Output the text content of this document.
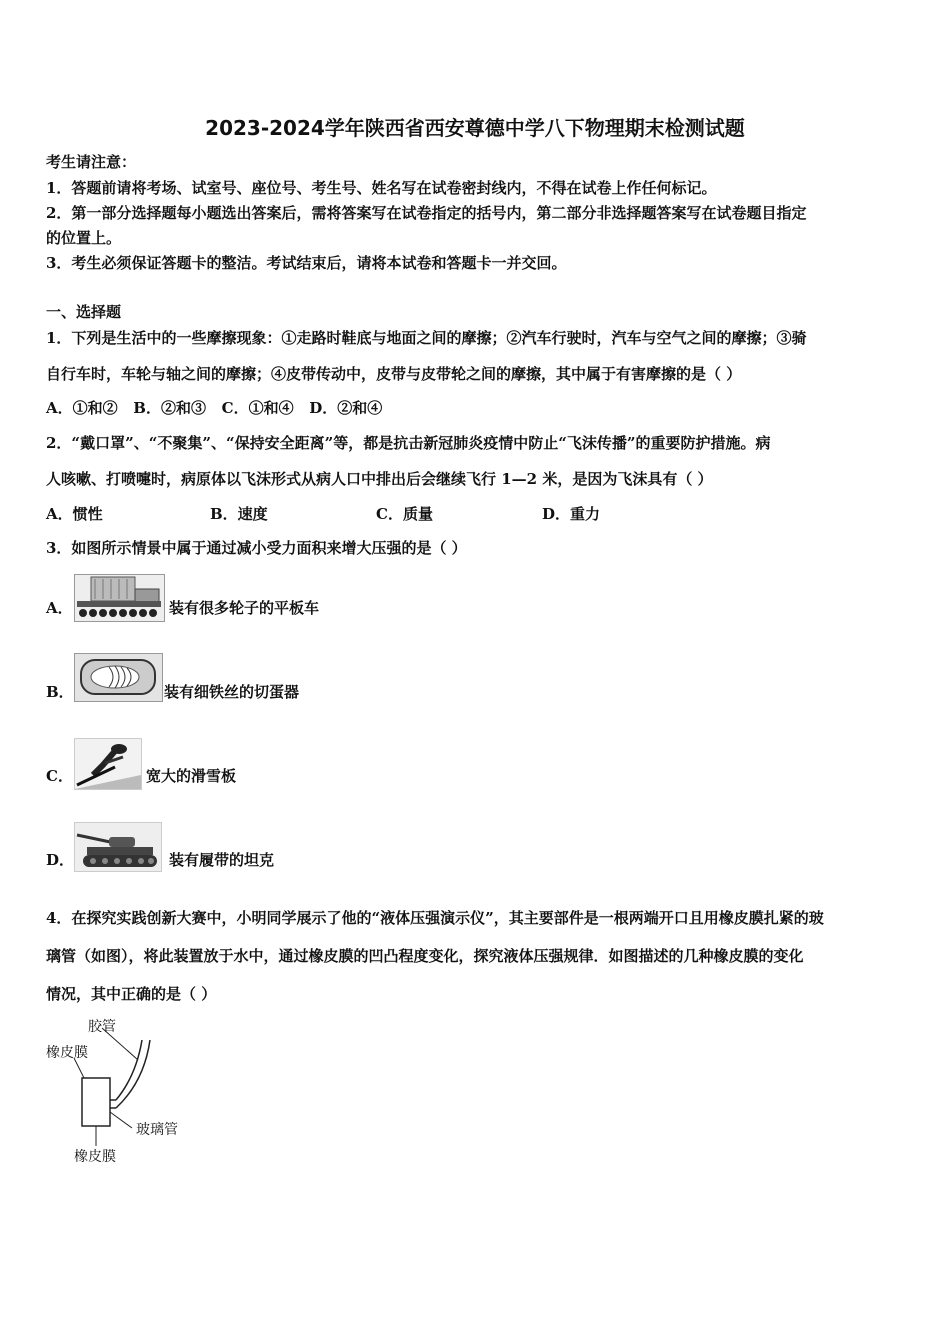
2023-2024学年陕西省西安尊德中学八下物理期末检测试题
考生请注意：
1．答题前请将考场、试室号、座位号、考生号、姓名写在试卷密封线内，不得在试卷上作任何标记。
2．第一部分选择题每小题选出答案后，需将答案写在试卷指定的括号内，第二部分非选择题答案写在试卷题目指定
的位置上。
3．考生必须保证答题卡的整洁。考试结束后，请将本试卷和答题卡一并交回。
一、选择题
1．下列是生活中的一些摩擦现象：①走路时鞋底与地面之间的摩擦；②汽车行驶时，汽车与空气之间的摩擦；③骑
自行车时，车轮与轴之间的摩擦；④皮带传动中，皮带与皮带轮之间的摩擦，其中属于有害摩擦的是（ ）
A．①和②   B．②和③   C．①和④   D．②和④
2．“戴口罩”、“不聚集”、“保持安全距离”等，都是抗击新冠肺炎疫情中防止“飞沫传播”的重要防护措施。病
人咳嗽、打喷嚏时，病原体以飞沫形式从病人口中排出后会继续飞行 1—2 米，是因为飞沫具有（ ）
A．惯性	B．速度	C．质量	D．重力
3．如图所示情景中属于通过减小受力面积来增大压强的是（ ）
A．	装有很多轮子的平板车
B．	装有细铁丝的切蛋器
C．	宽大的滑雪板
D．	装有履带的坦克
4．在探究实践创新大赛中，小明同学展示了他的“液体压强演示仪”，其主要部件是一根两端开口且用橡皮膜扎紧的玻
璃管（如图），将此装置放于水中，通过橡皮膜的凹凸程度变化，探究液体压强规律．如图描述的几种橡皮膜的变化
情况，其中正确的是（ ）
胶管
橡皮膜
玻璃管
橡皮膜
